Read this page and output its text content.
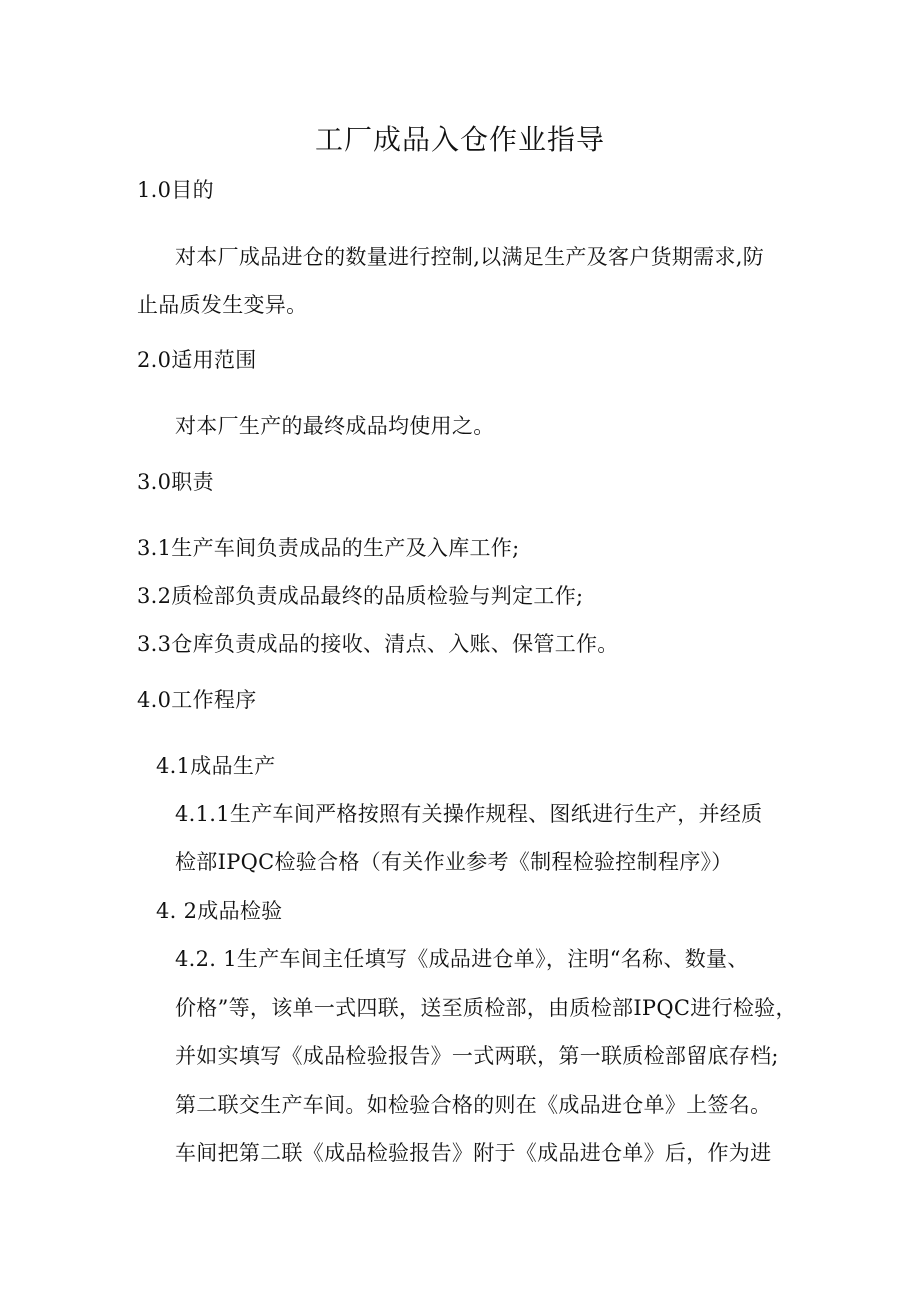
工厂成品入仓作业指导
1.0目的
对本厂成品进仓的数量进行控制,以满足生产及客户货期需求,防
止品质发生变异。
2.0适用范围
对本厂生产的最终成品均使用之。
3.0职责
3.1生产车间负责成品的生产及入库工作;
3.2质检部负责成品最终的品质检验与判定工作;
3.3仓库负责成品的接收、清点、入账、保管工作。
4.0工作程序
4.1成品生产
4.1.1生产车间严格按照有关操作规程、图纸进行生产，并经质
检部IPQC检验合格（有关作业参考《制程检验控制程序》）
4. 2成品检验
4.2. 1生产车间主任填写《成品进仓单》，注明“名称、数量、
价格”等，该单一式四联，送至质检部，由质检部IPQC进行检验，
并如实填写《成品检验报告》一式两联，第一联质检部留底存档;
第二联交生产车间。如检验合格的则在《成品进仓单》上签名。
车间把第二联《成品检验报告》附于《成品进仓单》后，作为进
